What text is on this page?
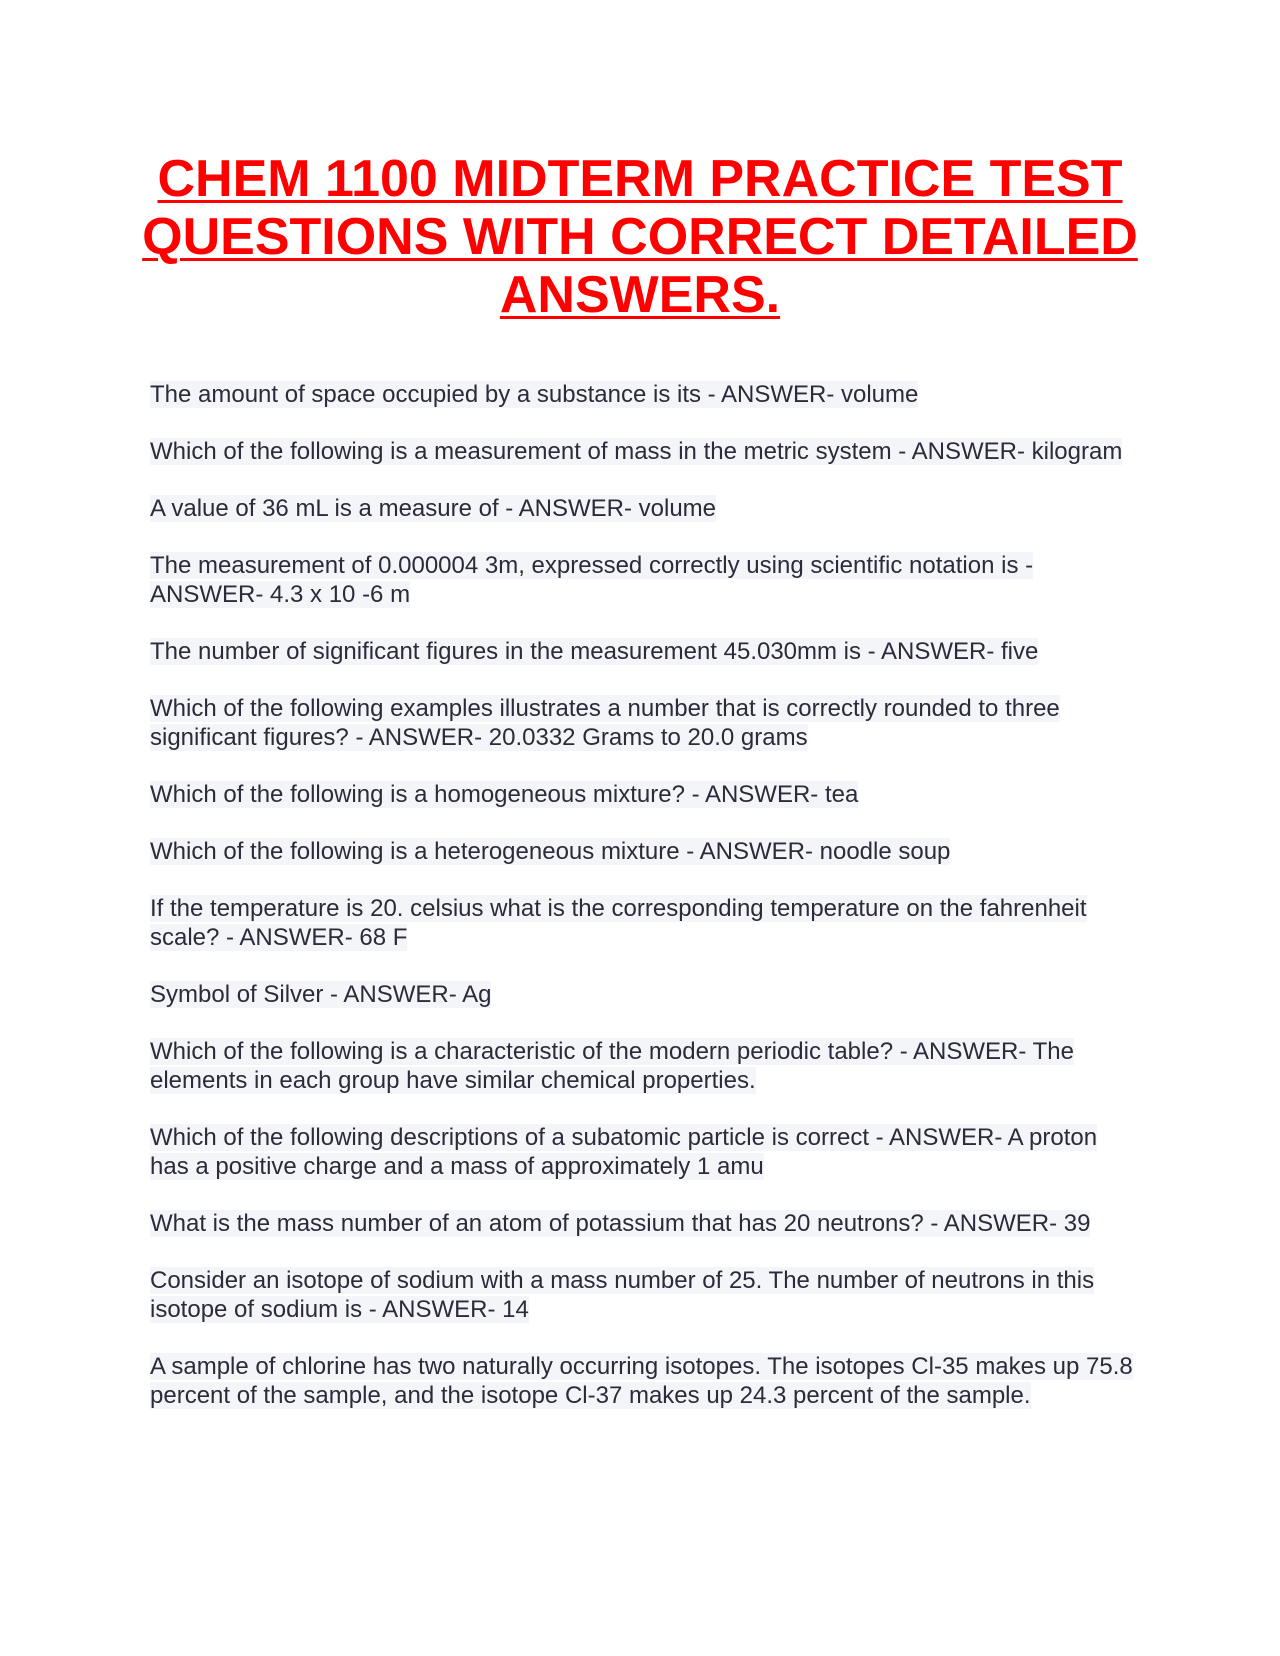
CHEM 1100 MIDTERM PRACTICE TEST QUESTIONS WITH CORRECT DETAILED ANSWERS.

The amount of space occupied by a substance is its - ANSWER- volume

Which of the following is a measurement of mass in the metric system - ANSWER- kilogram

A value of 36 mL is a measure of - ANSWER- volume

The measurement of 0.000004 3m, expressed correctly using scientific notation is - ANSWER- 4.3 x 10 -6 m

The number of significant figures in the measurement 45.030mm is - ANSWER- five

Which of the following examples illustrates a number that is correctly rounded to three significant figures? - ANSWER- 20.0332 Grams to 20.0 grams

Which of the following is a homogeneous mixture? - ANSWER- tea

Which of the following is a heterogeneous mixture - ANSWER- noodle soup

If the temperature is 20. celsius what is the corresponding temperature on the fahrenheit scale? - ANSWER- 68 F

Symbol of Silver - ANSWER- Ag

Which of the following is a characteristic of the modern periodic table? - ANSWER- The elements in each group have similar chemical properties.

Which of the following descriptions of a subatomic particle is correct - ANSWER- A proton has a positive charge and a mass of approximately 1 amu

What is the mass number of an atom of potassium that has 20 neutrons? - ANSWER- 39

Consider an isotope of sodium with a mass number of 25. The number of neutrons in this isotope of sodium is - ANSWER- 14

A sample of chlorine has two naturally occurring isotopes. The isotopes Cl-35 makes up 75.8 percent of the sample, and the isotope Cl-37 makes up 24.3 percent of the sample.
